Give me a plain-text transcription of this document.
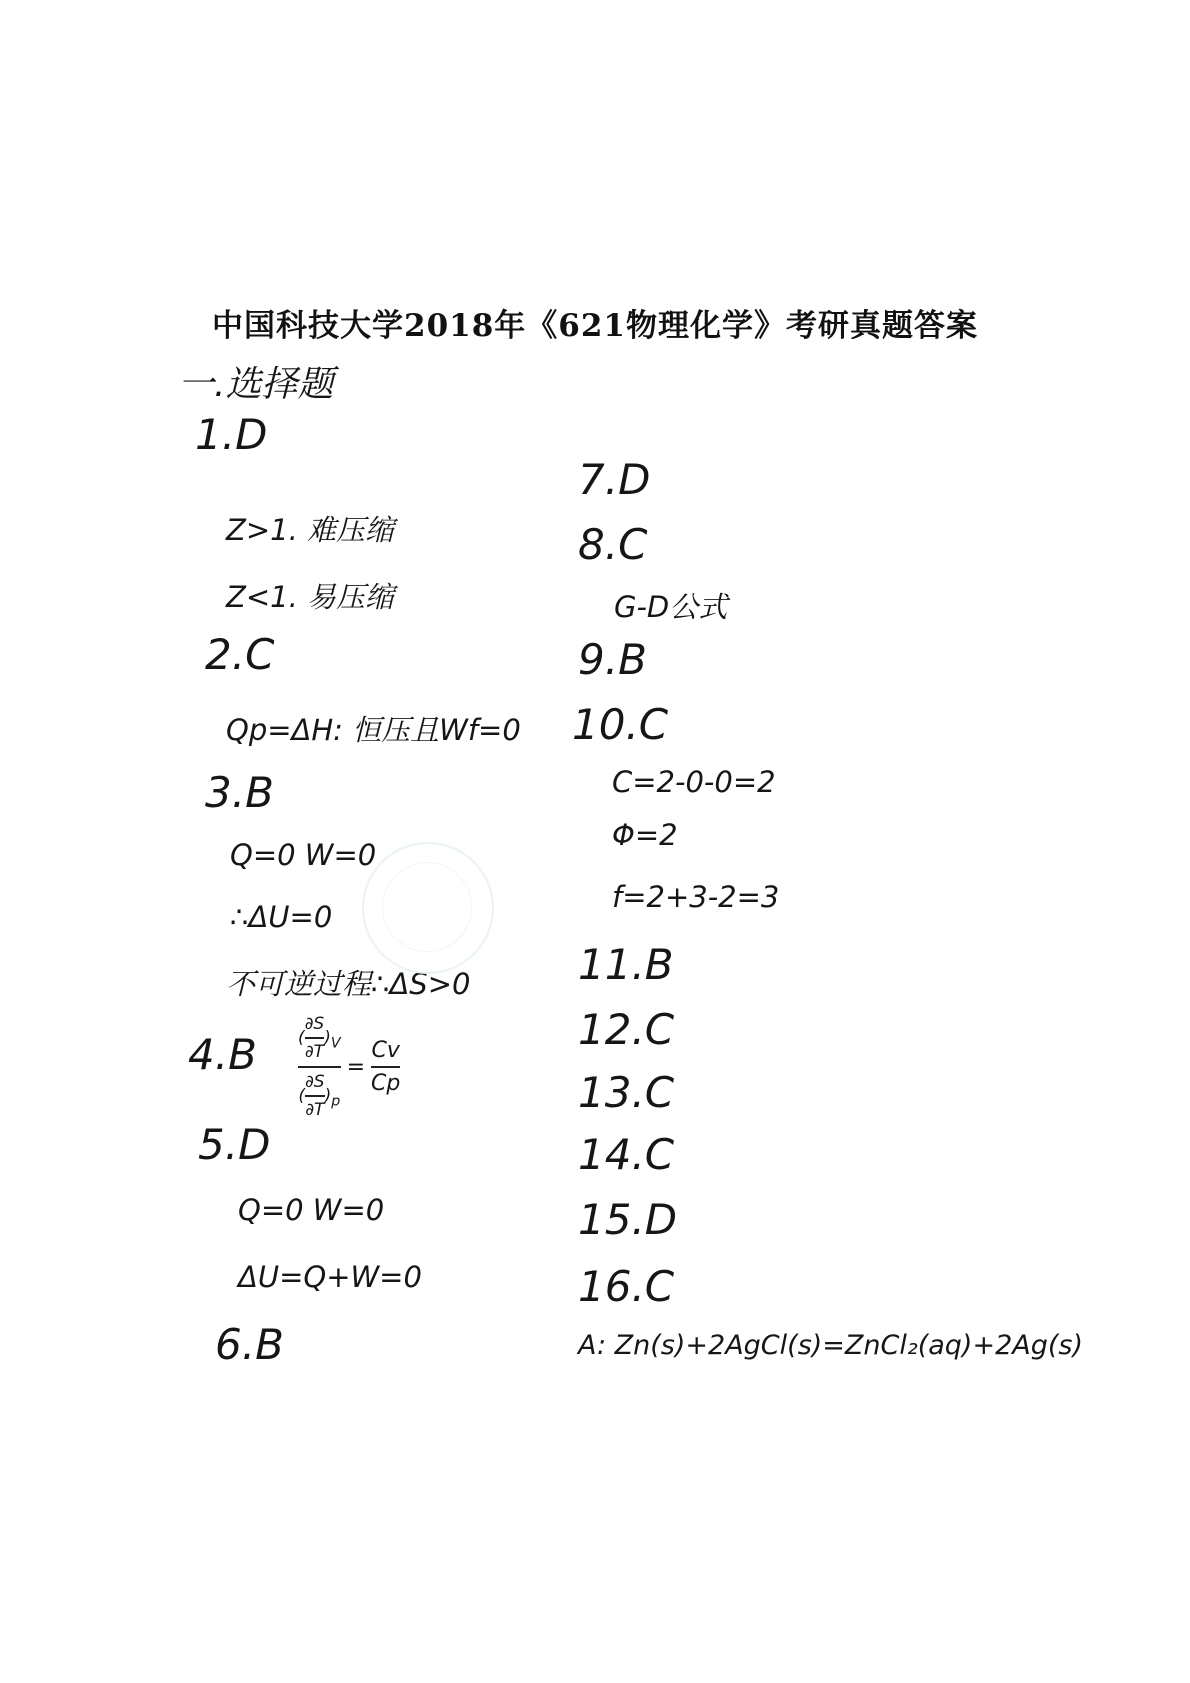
中国科技大学2018年《621物理化学》考研真题答案
一.选择题
1.D
Z>1. 难压缩
Z<1. 易压缩
2.C
Qp=ΔH: 恒压且Wf=0
3.B
Q=0 W=0
∴ΔU=0
不可逆过程∴ΔS>0
4.B ( $\frac{\partial S}{\partial T} )_V$
( $\frac{\partial S}{\partial T} )_p$
=
Cv
Cp
5.D
Q=0 W=0
ΔU=Q+W=0
6.B
7.D
8.C
G-D公式
9.B
10.C
C=2-0-0=2
Φ=2
f=2+3-2=3
11.B
12.C
13.C
14.C
15.D
16.C
A: Zn(s)+2AgCl(s)=ZnCl₂(aq)+2Ag(s)
